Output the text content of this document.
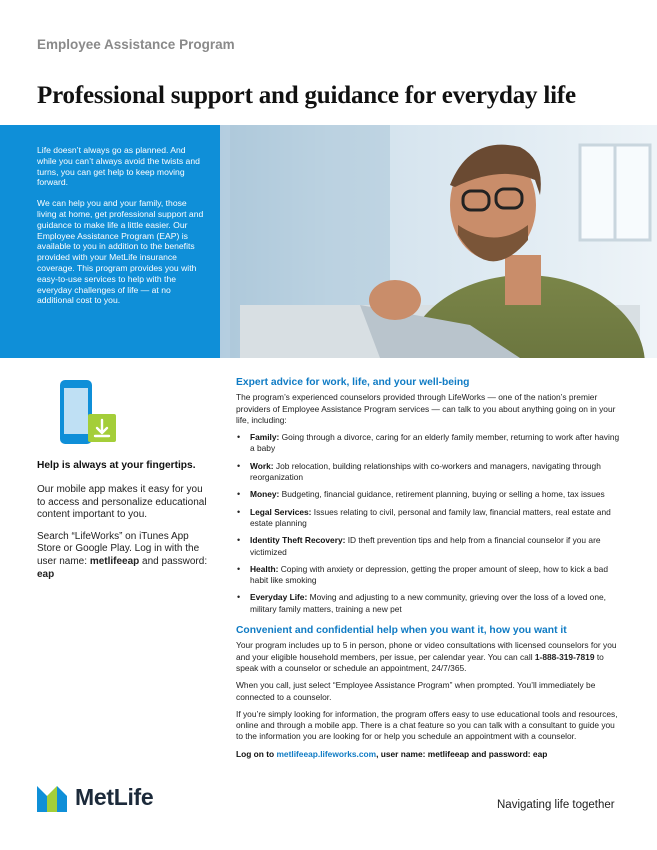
Employee Assistance Program
Professional support and guidance for everyday life

Life doesn’t always go as planned. And while you can’t always avoid the twists and turns, you can get help to keep moving forward.

We can help you and your family, those living at home, get professional support and guidance to make life a little easier. Our Employee Assistance Program (EAP) is available to you in addition to the benefits provided with your MetLife insurance coverage. This program provides you with easy-to-use services to help with the everyday challenges of life — at no additional cost to you.

Help is always at your fingertips.

Our mobile app makes it easy for you to access and personalize educational content important to you.

Search “LifeWorks” on iTunes App Store or Google Play. Log in with the user name: metlifeeap and password: eap

Expert advice for work, life, and your well-being

The program’s experienced counselors provided through LifeWorks — one of the nation’s premier providers of Employee Assistance Program services — can talk to you about anything going on in your life, including:

• Family: Going through a divorce, caring for an elderly family member, returning to work after having a baby
• Work: Job relocation, building relationships with co-workers and managers, navigating through reorganization
• Money: Budgeting, financial guidance, retirement planning, buying or selling a home, tax issues
• Legal Services: Issues relating to civil, personal and family law, financial matters, real estate and estate planning
• Identity Theft Recovery: ID theft prevention tips and help from a financial counselor if you are victimized
• Health: Coping with anxiety or depression, getting the proper amount of sleep, how to kick a bad habit like smoking
• Everyday Life: Moving and adjusting to a new community, grieving over the loss of a loved one, military family matters, training a new pet
Convenient and confidential help when you want it, how you want it

Your program includes up to 5 in person, phone or video consultations with licensed counselors for you and your eligible household members, per issue, per calendar year. You can call 1-888-319-7819 to speak with a counselor or schedule an appointment, 24/7/365.

When you call, just select “Employee Assistance Program” when prompted. You’ll immediately be connected to a counselor.

If you’re simply looking for information, the program offers easy to use educational tools and resources, online and through a mobile app. There is a chat feature so you can talk with a consultant to guide you to the information you are looking for or help you schedule an appointment with a counselor.

Log on to metlifeeap.lifeworks.com, user name: metlifeeap and password: eap

MetLife	Navigating life together
